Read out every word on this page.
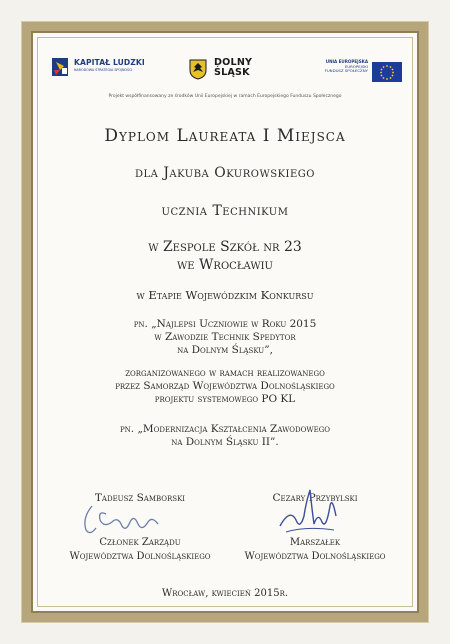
KAPITAŁ LUDZKI
NARODOWA STRATEGIA SPÓJNOŚCI
DOLNY
ŚLĄSK
UNIA EUROPEJSKA
EUROPEJSKI
FUNDUSZ SPOŁECZNY
Projekt współfinansowany ze środków Unii Europejskiej w ramach Europejskiego Funduszu Społecznego
Dyplom Laureata I Miejsca
dla Jakuba Okurowskiego
ucznia Technikum
w Zespole Szkół nr 23
we Wrocławiu
w Etapie Wojewódzkim Konkursu
pn. „Najlepsi Uczniowie w Roku 2015
w Zawodzie Technik Spedytor
na Dolnym Śląsku”,
zorganizowanego w ramach realizowanego
przez Samorząd Województwa Dolnośląskiego
projektu systemowego PO KL
pn. „Modernizacja Kształcenia Zawodowego
na Dolnym Śląsku II”.
Tadeusz Samborski	Cezary Przybylski
Członek Zarządu
Województwa Dolnośląskiego
Marszałek
Województwa Dolnośląskiego
Wrocław, kwiecień 2015r.
